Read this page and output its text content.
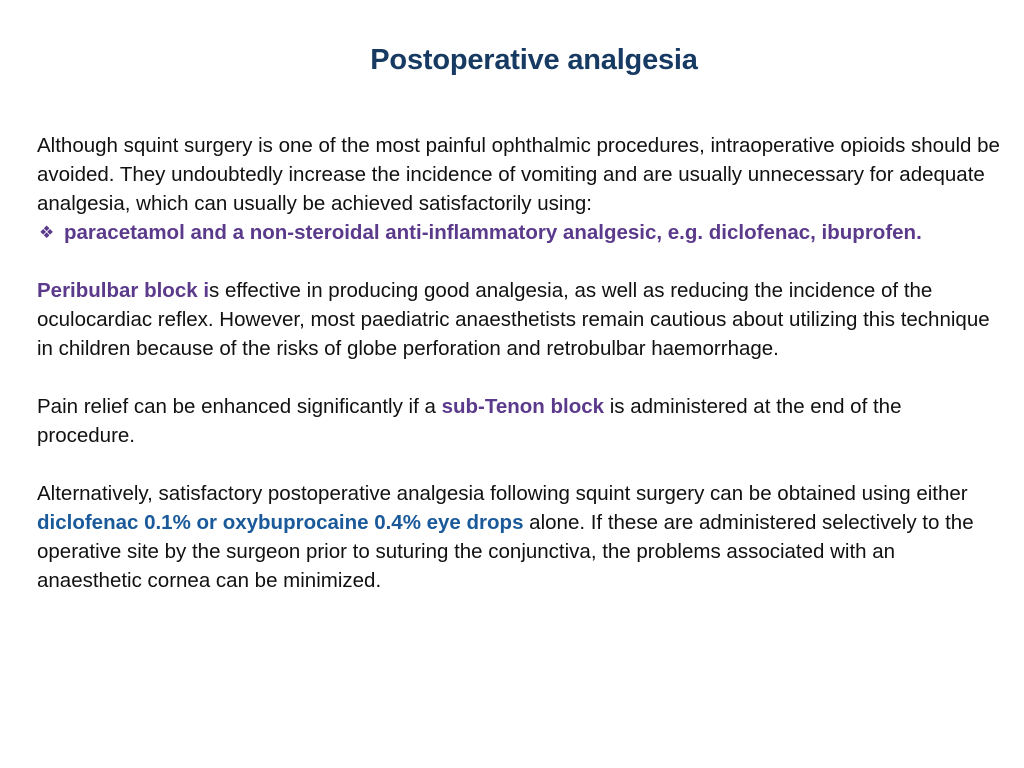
Postoperative analgesia

Although squint surgery is one of the most painful ophthalmic procedures, intraoperative opioids should be avoided. They undoubtedly increase the incidence of vomiting and are usually unnecessary for adequate analgesia, which can usually be achieved satisfactorily using:

❖ paracetamol and a non-steroidal anti-inflammatory analgesic, e.g. diclofenac, ibuprofen.

Peribulbar block is effective in producing good analgesia, as well as reducing the incidence of the oculocardiac reflex. However, most paediatric anaesthetists remain cautious about utilizing this technique in children because of the risks of globe perforation and retrobulbar haemorrhage.

Pain relief can be enhanced significantly if a sub-Tenon block is administered at the end of the procedure.

Alternatively, satisfactory postoperative analgesia following squint surgery can be obtained using either diclofenac 0.1% or oxybuprocaine 0.4% eye drops alone. If these are administered selectively to the operative site by the surgeon prior to suturing the conjunctiva, the problems associated with an anaesthetic cornea can be minimized.
